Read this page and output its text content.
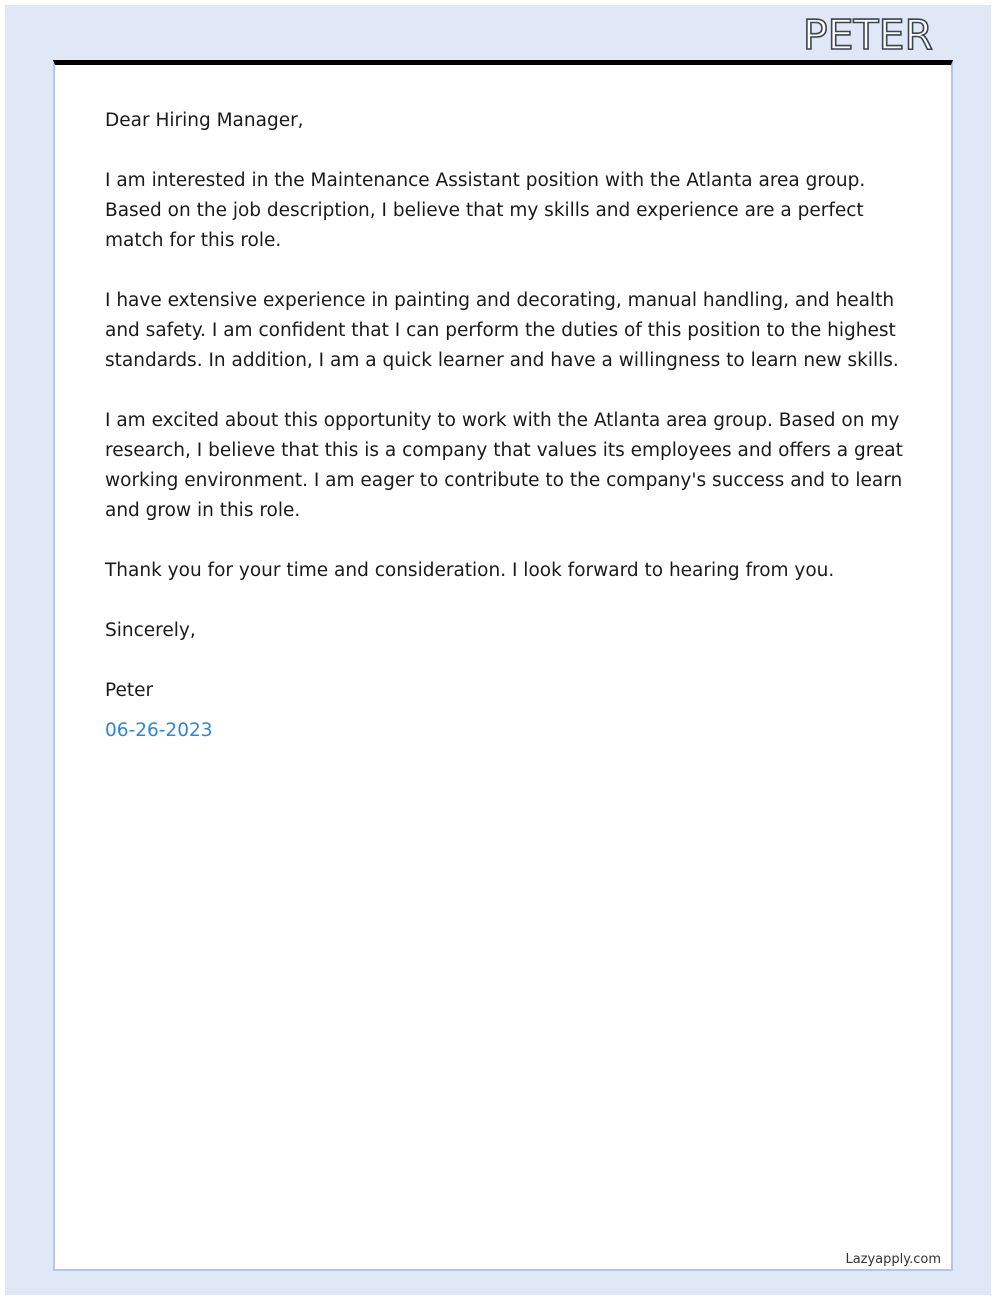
PETER

Dear Hiring Manager,

I am interested in the Maintenance Assistant position with the Atlanta area group. Based on the job description, I believe that my skills and experience are a perfect match for this role.

I have extensive experience in painting and decorating, manual handling, and health and safety. I am confident that I can perform the duties of this position to the highest standards. In addition, I am a quick learner and have a willingness to learn new skills.

I am excited about this opportunity to work with the Atlanta area group. Based on my research, I believe that this is a company that values its employees and offers a great working environment. I am eager to contribute to the company's success and to learn and grow in this role.

Thank you for your time and consideration. I look forward to hearing from you.

Sincerely,

Peter

06-26-2023

Lazyapply.com
